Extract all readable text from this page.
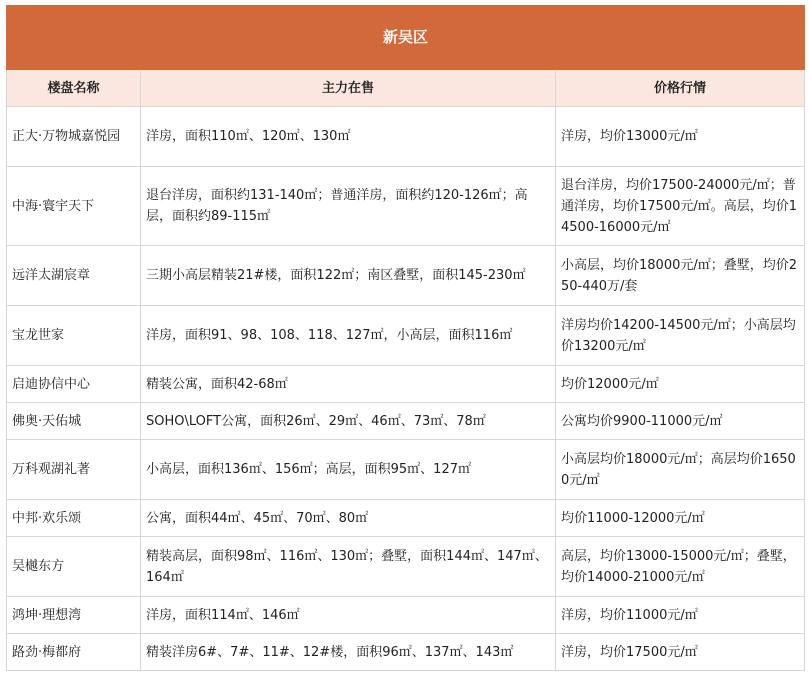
新吴区		
楼盘名称	主力在售	价格行情
正大·万物城嘉悦园	洋房，面积110㎡、120㎡、130㎡	洋房，均价13000元/㎡
中海·寰宇天下	退台洋房，面积约131-140㎡；普通洋房，面积约120-126㎡；高层，面积约89-115㎡	退台洋房，均价17500-24000元/㎡；普通洋房，均价17500元/㎡。高层，均价14500-16000元/㎡
远洋太湖宸章	三期小高层精装21#楼，面积122㎡；南区叠墅，面积145-230㎡	小高层，均价18000元/㎡；叠墅，均价250-440万/套
宝龙世家	洋房，面积91、98、108、118、127㎡，小高层，面积116㎡	洋房均价14200-14500元/㎡；小高层均价13200元/㎡
启迪协信中心	精装公寓，面积42-68㎡	均价12000元/㎡
佛奥·天佑城	SOHO\LOFT公寓，面积26㎡、29㎡、46㎡、73㎡、78㎡	公寓均价9900-11000元/㎡
万科观湖礼著	小高层，面积136㎡、156㎡；高层，面积95㎡、127㎡	小高层均价18000元/㎡；高层均价16500元/㎡
中邦·欢乐颂	公寓，面积44㎡、45㎡、70㎡、80㎡	均价11000-12000元/㎡
吴樾东方	精装高层，面积98㎡、116㎡、130㎡；叠墅，面积144㎡、147㎡、164㎡	高层，均价13000-15000元/㎡；叠墅，均价14000-21000元/㎡
鸿坤·理想湾	洋房，面积114㎡、146㎡	洋房，均价11000元/㎡
路劲·梅都府	精装洋房6#、7#、11#、12#楼，面积96㎡、137㎡、143㎡	洋房，均价17500元/㎡
